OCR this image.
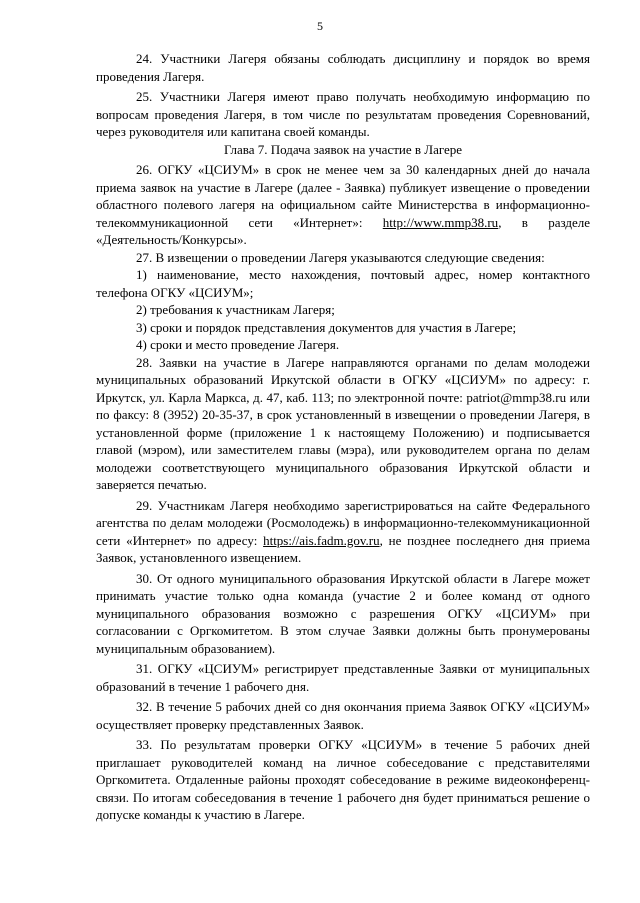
5

24. Участники Лагеря обязаны соблюдать дисциплину и порядок во время проведения Лагеря.

25. Участники Лагеря имеют право получать необходимую информацию по вопросам проведения Лагеря, в том числе по результатам проведения Соревнований, через руководителя или капитана своей команды.

Глава 7. Подача заявок на участие в Лагере

26. ОГКУ «ЦСИУМ» в срок не менее чем за 30 календарных дней до начала приема заявок на участие в Лагере (далее - Заявка) публикует извещение о проведении областного полевого лагеря на официальном сайте Министерства в информационно-телекоммуникационной сети «Интернет»: http://www.mmp38.ru, в разделе «Деятельность/Конкурсы».

27. В извещении о проведении Лагеря указываются следующие сведения:

1) наименование, место нахождения, почтовый адрес, номер контактного телефона ОГКУ «ЦСИУМ»;

2) требования к участникам Лагеря;

3) сроки и порядок представления документов для участия в Лагере;

4) сроки и место проведение Лагеря.

28. Заявки на участие в Лагере направляются органами по делам молодежи муниципальных образований Иркутской области в ОГКУ «ЦСИУМ» по адресу: г. Иркутск, ул. Карла Маркса, д. 47, каб. 113; по электронной почте: patriot@mmp38.ru или по факсу: 8 (3952) 20-35-37, в срок установленный в извещении о проведении Лагеря, в установленной форме (приложение 1 к настоящему Положению) и подписывается главой (мэром), или заместителем главы (мэра), или руководителем органа по делам молодежи соответствующего муниципального образования Иркутской области и заверяется печатью.

29. Участникам Лагеря необходимо зарегистрироваться на сайте Федерального агентства по делам молодежи (Росмолодежь) в информационно-телекоммуникационной сети «Интернет» по адресу: https://ais.fadm.gov.ru, не позднее последнего дня приема Заявок, установленного извещением.

30. От одного муниципального образования Иркутской области в Лагере может принимать участие только одна команда (участие 2 и более команд от одного муниципального образования возможно с разрешения ОГКУ «ЦСИУМ» при согласовании с Оргкомитетом. В этом случае Заявки должны быть пронумерованы муниципальным образованием).

31. ОГКУ «ЦСИУМ» регистрирует представленные Заявки от муниципальных образований в течение 1 рабочего дня.

32. В течение 5 рабочих дней со дня окончания приема Заявок ОГКУ «ЦСИУМ» осуществляет проверку представленных Заявок.

33. По результатам проверки ОГКУ «ЦСИУМ» в течение 5 рабочих дней приглашает руководителей команд на личное собеседование с представителями Оргкомитета. Отдаленные районы проходят собеседование в режиме видеоконференц-связи. По итогам собеседования в течение 1 рабочего дня будет приниматься решение о допуске команды к участию в Лагере.
